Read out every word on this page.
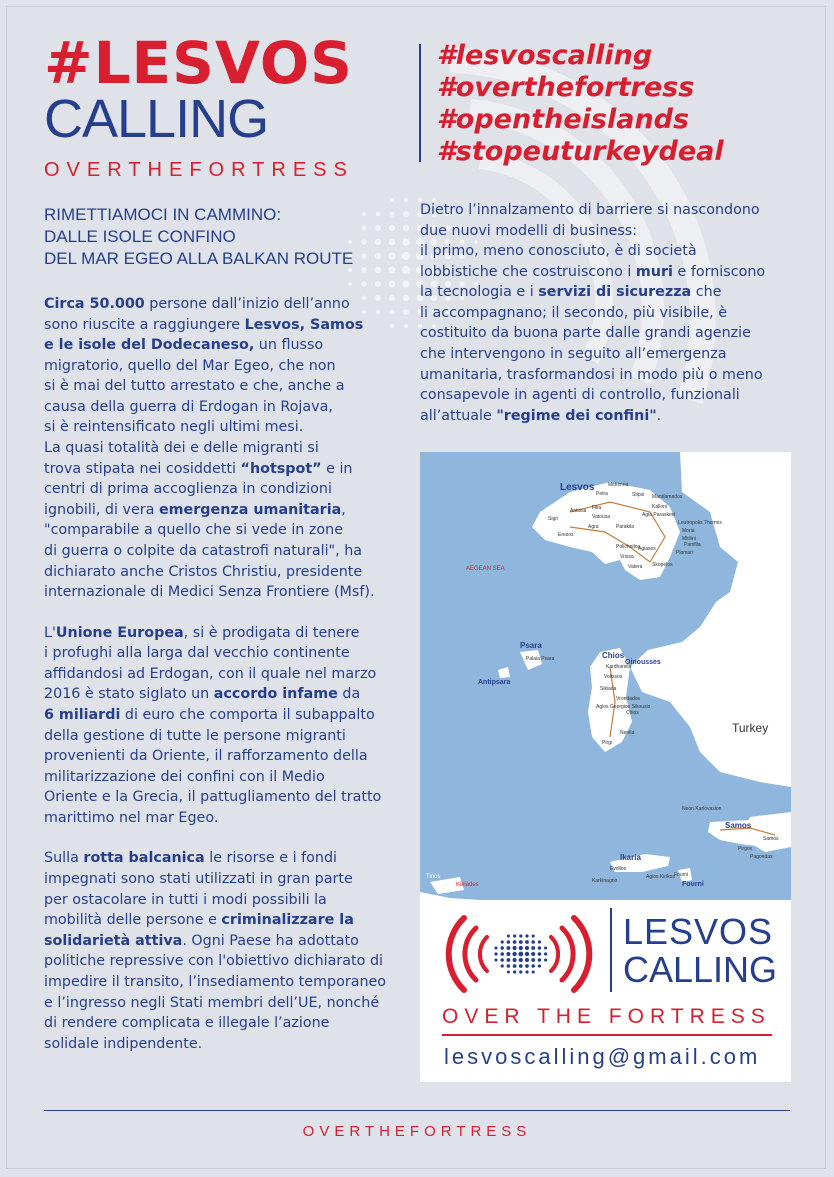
#LESVOS
CALLING
OVERTHEFORTRESS
#lesvoscalling
#overthefortress
#opentheislands
#stopeuturkeydeal
RIMETTIAMOCI IN CAMMINO:
DALLE ISOLE CONFINO
DEL MAR EGEO ALLA BALKAN ROUTE
Circa 50.000 persone dall’inizio dell’anno
sono riuscite a raggiungere Lesvos, Samos
e le isole del Dodecaneso, un flusso
migratorio, quello del Mar Egeo, che non
si è mai del tutto arrestato e che, anche a
causa della guerra di Erdogan in Rojava,
si è reintensificato negli ultimi mesi.
La quasi totalità dei e delle migranti si
trova stipata nei cosiddetti “hotspot” e in
centri di prima accoglienza in condizioni
ignobili, di vera emergenza umanitaria,
"comparabile a quello che si vede in zone
di guerra o colpite da catastrofi naturali", ha
dichiarato anche Cristos Christiu, presidente
internazionale di Medici Senza Frontiere (Msf).
L'Unione Europea, si è prodigata di tenere
i profughi alla larga dal vecchio continente
affidandosi ad Erdogan, con il quale nel marzo
2016 è stato siglato un accordo infame da
6 miliardi di euro che comporta il subappalto
della gestione di tutte le persone migranti
provenienti da Oriente, il rafforzamento della
militarizzazione dei confini con il Medio
Oriente e la Grecia, il pattugliamento del tratto
marittimo nel mar Egeo.
Sulla rotta balcanica le risorse e i fondi
impegnati sono stati utilizzati in gran parte
per ostacolare in tutti i modi possibili la
mobilità delle persone e criminalizzare la
solidarietà attiva. Ogni Paese ha adottato
politiche repressive con l'obiettivo dichiarato di
impedire il transito, l’insediamento temporaneo
e l’ingresso negli Stati membri dell’UE, nonché
di rendere complicata e illegale l’azione
solidale indipendente.
Dietro l’innalzamento di barriere si nascondono
due nuovi modelli di business:
il primo, meno conosciuto, è di società
lobbistiche che costruiscono i muri e forniscono
la tecnologia e i servizi di sicurezza che
li accompagnano; il secondo, più visibile, è
costituito da buona parte dalle grandi agenzie
che intervengono in seguito all’emergenza
umanitaria, trasformandosi in modo più o meno
consapevole in agenti di controllo, funzionali
all’attuale "regime dei confini".
Lesvos
Psara
Antipsara
Chios
Oinousses
Samos
Ikaria
Fourni
Turkey
AEGEAN SEA
Tinos
Kiklades
Mithimna
Petra	Stipsi Mandamados
Kalloni
Antissa Filia
Vatousa
Sigri
Eresos
Agra	Parakila
Agia Paraskevi
Loutropolis Thermis
Moria
Mitilini
Agiasos
Plomari
Polichnitos
Vrissa
Vatera Skopelos
Pamfila
Palaia Psara
Kardhamila
Volissos
Sikiada
Vrondados
Agios Georgios Sikousis
Chios
Nenita
Pirgi
Neon Karlovasion
Samos
Pirgos
Pagondas
Evdilos
Agios Kirikos
Karkinagrio
Fourni
LESVOS
CALLING
OVER THE FORTRESS
lesvoscalling@gmail.com
OVERTHEFORTRESS
